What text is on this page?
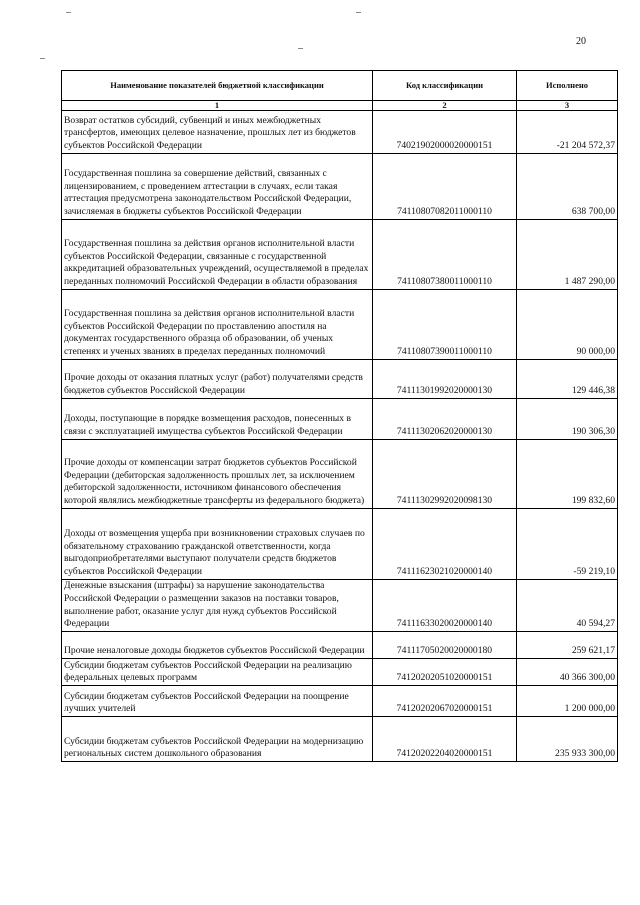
20
Наименование показателей бюджетной классификации	Код классификации	Исполнено
1	2	3
Возврат остатков субсидий, субвенций и иных межбюджетных трансфертов, имеющих целевое назначение, прошлых лет из бюджетов субъектов Российской Федерации	74021902000020000151	-21 204 572,37
Государственная пошлина за совершение действий, связанных с лицензированием, с проведением аттестации в случаях, если такая аттестация предусмотрена законодательством Российской Федерации, зачисляемая в бюджеты субъектов Российской Федерации	74110807082011000110	638 700,00
Государственная пошлина за действия органов исполнительной власти субъектов Российской Федерации, связанные с государственной аккредитацией образовательных учреждений, осуществляемой в пределах переданных полномочий Российской Федерации в области образования	74110807380011000110	1 487 290,00
Государственная пошлина за действия органов исполнительной власти субъектов Российской Федерации по проставлению апостиля на документах государственного образца об образовании, об ученых степенях и ученых званиях в пределах переданных полномочий	74110807390011000110	90 000,00
Прочие доходы от оказания платных услуг (работ) получателями средств бюджетов субъектов Российской Федерации	74111301992020000130	129 446,38
Доходы, поступающие в порядке возмещения расходов, понесенных в связи с эксплуатацией имущества субъектов Российской Федерации	74111302062020000130	190 306,30
Прочие доходы от компенсации затрат бюджетов субъектов Российской Федерации (дебиторская задолженность прошлых лет, за исключением дебиторской задолженности, источником финансового обеспечения которой являлись межбюджетные трансферты из федерального бюджета)	74111302992020098130	199 832,60
Доходы от возмещения ущерба при возникновении страховых случаев по обязательному страхованию гражданской ответственности, когда выгодоприобретателями выступают получатели средств бюджетов субъектов Российской Федерации	74111623021020000140	-59 219,10
Денежные взыскания (штрафы) за нарушение законодательства Российской Федерации о размещении заказов на поставки товаров, выполнение работ, оказание услуг для нужд субъектов Российской Федерации	74111633020020000140	40 594,27
Прочие неналоговые доходы бюджетов субъектов Российской Федерации	74111705020020000180	259 621,17
Субсидии бюджетам субъектов Российской Федерации на реализацию федеральных целевых программ	74120202051020000151	40 366 300,00
Субсидии бюджетам субъектов Российской Федерации на поощрение лучших учителей	74120202067020000151	1 200 000,00
Субсидии бюджетам субъектов Российской Федерации на модернизацию региональных систем дошкольного образования	74120202204020000151	235 933 300,00
